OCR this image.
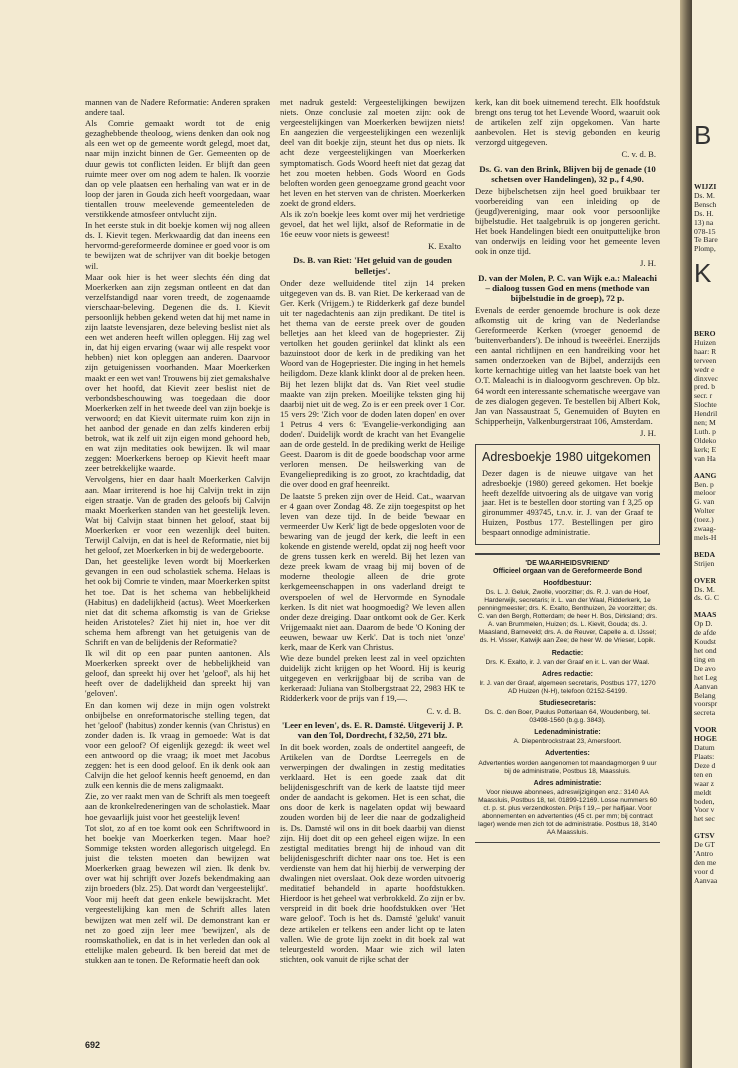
mannen van de Nadere Reformatie: Anderen spraken andere taal.

Als Comrie gemaakt wordt tot de enig gezaghebbende theoloog, wiens denken dan ook nog als een wet op de gemeente wordt gelegd, moet dat, naar mijn inzicht binnen de Ger. Gemeenten op de duur gewis tot conflicten leiden. Er blijft dan geen ruimte meer over om nog adem te halen. Ik voorzie dan op vele plaatsen een herhaling van wat er in de loop der jaren in Gouda zich heeft voorgedaan, waar tientallen trouw meelevende gemeenteleden de verstikkende atmosfeer ontvlucht zijn.

In het eerste stuk in dit boekje komen wij nog alleen ds. I. Kievit tegen. Merkwaardig dat dan ineens een hervormd-gereformeerde dominee er goed voor is om te bewijzen wat de schrijver van dit boekje betogen wil.

Maar ook hier is het weer slechts één ding dat Moerkerken aan zijn zegsman ontleent en dat dan verzelfstandigd naar voren treedt, de zogenaamde vierschaar-beleving. Degenen die ds. I. Kievit persoonlijk hebben gekend weten dat hij met name in zijn laatste levensjaren, deze beleving beslist niet als een wet anderen heeft willen opleggen. Hij zag wel in, dat hij eigen ervaring (waar wij alle respekt voor hebben) niet kon opleggen aan anderen. Daarvoor zijn getuigenissen voorhanden. Maar Moerkerken maakt er een wet van! Trouwens bij ziet gemakshalve over het hoofd, dat Kievit zeer beslist niet de verbondsbeschouwing was toegedaan die door Moerkerken zelf in het tweede deel van zijn boekje is verwoord; en dat Kievit uitermate ruim kon zijn in het aanbod der genade en dan zelfs kinderen erbij betrok, wat ik zelf uit zijn eigen mond gehoord heb, en wat zijn meditaties ook bewijzen. Ik wil maar zeggen: Moerkerkens beroep op Kievit heeft maar zeer betrekkelijke waarde.

Vervolgens, hier en daar haalt Moerkerken Calvijn aan. Maar irriterend is hoe hij Calvijn trekt in zijn eigen straatje. Van de graden des geloofs bij Calvijn maakt Moerkerken standen van het geestelijk leven. Wat bij Calvijn staat binnen het geloof, staat bij Moerkerken er voor een wezenlijk deel buiten. Terwijl Calvijn, en dat is heel de Reformatie, niet bij het geloof, zet Moerkerken in bij de wedergeboorte.

Dan, het geestelijke leven wordt bij Moerkerken gevangen in een oud scholastiek schema. Helaas is het ook bij Comrie te vinden, maar Moerkerken spitst het toe. Dat is het schema van hebbelijkheid (Habitus) en dadelijkheid (actus). Weet Moerkerken niet dat dit schema afkomstig is van de Griekse heiden Aristoteles? Ziet hij niet in, hoe ver dit schema hem afbrengt van het getuigenis van de Schrift en van de belijdenis der Reformatie?

Ik wil dit op een paar punten aantonen. Als Moerkerken spreekt over de hebbelijkheid van geloof, dan spreekt hij over het 'geloof', als hij het heeft over de dadelijkheid dan spreekt hij van 'geloven'.

En dan komen wij deze in mijn ogen volstrekt onbijbelse en onreformatorische stelling tegen, dat het 'geloof' (habitus) zonder kennis (van Christus) en zonder daden is. Ik vraag in gemoede: Wat is dat voor een geloof? Of eigenlijk gezegd: ik weet wel een antwoord op die vraag; ik moet met Jacobus zeggen: het is een dood geloof. En ik denk ook aan Calvijn die het geloof kennis heeft genoemd, en dan zulk een kennis die de mens zaligmaakt.

Zie, zo ver raakt men van de Schrift als men toegeeft aan de kronkelredeneringen van de scholastiek. Maar hoe gevaarlijk juist voor het geestelijk leven!

Tot slot, zo af en toe komt ook een Schriftwoord in het boekje van Moerkerken tegen. Maar hoe? Sommige teksten worden allegorisch uitgelegd. En juist die teksten moeten dan bewijzen wat Moerkerken graag bewezen wil zien. Ik denk bv. over wat hij schrijft over Jozefs bekendmaking aan zijn broeders (blz. 25). Dat wordt dan 'vergeestelijkt'.

Voor mij heeft dat geen enkele bewijskracht. Met vergeestelijking kan men de Schrift alles laten bewijzen wat men zelf wil. De demonstrant kan er net zo goed zijn leer mee 'bewijzen', als de roomskatholiek, en dat is in het verleden dan ook al ettelijke malen gebeurd. Ik ben bereid dat met de stukken aan te tonen. De Reformatie heeft dan ook

met nadruk gesteld: Vergeestelijkingen bewijzen niets. Onze conclusie zal moeten zijn: ook de vergeestelijkingen van Moerkerken bewijzen niets! En aangezien die vergeestelijkingen een wezenlijk deel van dit boekje zijn, steunt het dus op niets. Ik acht deze vergeestelijkingen van Moerkerken symptomatisch. Gods Woord heeft niet dat gezag dat het zou moeten hebben. Gods Woord en Gods beloften worden geen genoegzame grond geacht voor het leven en het sterven van de christen. Moerkerken zoekt de grond elders.

Als ik zo'n boekje lees komt over mij het verdrietige gevoel, dat het wel lijkt, alsof de Reformatie in de 16e eeuw voor niets is geweest!

K. Exalto

Ds. B. van Riet: 'Het geluid van de gouden belletjes'.

Onder deze welluidende titel zijn 14 preken uitgegeven van ds. B. van Riet. De kerkeraad van de Ger. Kerk (Vrijgem.) te Ridderkerk gaf deze bundel uit ter nagedachtenis aan zijn predikant. De titel is het thema van de eerste preek over de gouden belletjes aan het kleed van de hogepriester. Zij vertolken het gouden geriinkel dat klinkt als een bazuinstoot door de kerk in de prediking van het Woord van de Hogepriester. Die inging in het hemels heiligdom. Deze klank klinkt door al de preken heen. Bij het lezen blijkt dat ds. Van Riet veel studie maakte van zijn preken. Moeilijke teksten ging hij daarbij niet uit de weg. Zo is er een preek over 1 Cor. 15 vers 29: 'Zich voor de doden laten dopen' en over 1 Petrus 4 vers 6: 'Evangelie-verkondiging aan doden'. Duidelijk wordt de kracht van het Evangelie aan de orde gesteld. In de prediking werkt de Heilige Geest. Daarom is dit de goede boodschap voor arme verloren mensen. De heilswerking van de Evangelieprediking is zo groot, zo krachtdadig, dat die over dood en graf heenreikt.

De laatste 5 preken zijn over de Heid. Cat., waarvan er 4 gaan over Zondag 48. Ze zijn toegespitst op het leven van deze tijd. In de beide 'bewaar en vermeerder Uw Kerk' ligt de bede opgesloten voor de bewaring van de jeugd der kerk, die leeft in een kokende en gistende wereld, opdat zij nog heeft voor de grens tussen kerk en wereld. Bij het lezen van deze preek kwam de vraag bij mij boven of de moderne theologie alleen de drie grote kerkgemeenschappen in ons vaderland dreigt te overspoelen of wel de Hervormde en Synodale kerken. Is dit niet wat hoogmoedig? We leven allen onder deze dreiging. Daar ontkomt ook de Ger. Kerk Vrijgemaakt niet aan. Daarom de bede 'O Koning der eeuwen, bewaar uw Kerk'. Dat is toch niet 'onze' kerk, maar de Kerk van Christus.

Wie deze bundel preken leest zal in veel opzichten duidelijk zicht krijgen op het Woord. Hij is keurig uitgegeven en verkrijgbaar bij de scriba van de kerkeraad: Juliana van Stolbergstraat 22, 2983 HK te Ridderkerk voor de prijs van f 19,—.

C. v. d. B.

'Leer en leven', ds. E. R. Damsté. Uitgeverij J. P. van den Tol, Dordrecht, f 32,50, 271 blz.

In dit boek worden, zoals de ondertitel aangeeft, de Artikelen van de Dordtse Leerregels en de verwerpingen der dwalingen in zestig meditaties verklaard. Het is een goede zaak dat dit belijdenisgeschrift van de kerk de laatste tijd meer onder de aandacht is gekomen. Het is een schat, die ons door de kerk is nagelaten opdat wij bewaard zouden worden bij de leer die naar de godzaligheid is. Ds. Damsté wil ons in dit boek daarbij van dienst zijn. Hij doet dit op een geheel eigen wijze. In een zestigtal meditaties brengt hij de inhoud van dit belijdenisgeschrift dichter naar ons toe. Het is een verdienste van hem dat hij hierbij de verwerping der dwalingen niet overslaat. Ook deze worden uitvoerig meditatief behandeld in aparte hoofdstukken. Hierdoor is het geheel wat verbrokkeld. Zo zijn er bv. verspreid in dit boek drie hoofdstukken over 'Het ware geloof'. Toch is het ds. Damsté 'gelukt' vanuit deze artikelen er telkens een ander licht op te laten vallen. Wie de grote lijn zoekt in dit boek zal wat teleurgesteld worden. Maar wie zich wil laten stichten, ook vanuit de rijke schat der

kerk, kan dit boek uitnemend terecht. Elk hoofdstuk brengt ons terug tot het Levende Woord, waaruit ook de artikelen zelf zijn opgekomen. Van harte aanbevolen. Het is stevig gebonden en keurig verzorgd uitgegeven.

C. v. d. B.

Ds. G. van den Brink, Blijven bij de genade (10 schetsen over Handelingen), 32 p., f 4,90.

Deze bijbelschetsen zijn heel goed bruikbaar ter voorbereiding van een inleiding op de (jeugd)vereniging, maar ook voor persoonlijke bijbelstudie. Het taalgebruik is op jongeren gericht. Het boek Handelingen biedt een onuitputtelijke bron van onderwijs en leiding voor het gemeente leven ook in onze tijd.

J. H.

D. van der Molen, P. C. van Wijk e.a.: Maleachi – dialoog tussen God en mens (methode van bijbelstudie in de groep), 72 p.

Evenals de eerder genoemde brochure is ook deze afkomstig uit de kring van de Nederlandse Gereformeerde Kerken (vroeger genoemd de 'buitenverbanders'). De inhoud is tweeërlei. Enerzijds een aantal richtlijnen en een handreiking voor het samen onderzoeken van de Bijbel, anderzijds een korte kernachtige uitleg van het laatste boek van het O.T. Maleachi is in dialoogvorm geschreven. Op blz. 64 wordt een interessante schematische weergave van de zes dialogen gegeven. Te bestellen bij Albert Kok, Jan van Nassaustraat 5, Genemuiden of Buyten en Schipperheijn, Valkenburgerstraat 106, Amsterdam.

J. H.

Adresboekje 1980 uitgekomen

Dezer dagen is de nieuwe uitgave van het adresboekje (1980) gereed gekomen. Het boekje heeft dezelfde uitvoering als de uitgave van vorig jaar. Het is te bestellen door storting van f 3,25 op gironummer 493745, t.n.v. ir. J. van der Graaf te Huizen, Postbus 177. Bestellingen per giro bespaart onnodige administratie.

'DE WAARHEIDSVRIEND'
Officieel orgaan van de Gereformeerde Bond
Hoofdbestuur:
Ds. L. J. Geluk, Zwolle, voorzitter; ds. R. J. van de Hoef, Harderwijk, secretaris; ir. L. van der Waal, Ridderkerk, 1e penningmeester; drs. K. Exalto, Benthuizen, 2e voorzitter; ds. C. van den Bergh, Rotterdam; de heer H. Bos, Dirksland; drs. A. van Brummelen, Huizen; ds. L. Kievit, Gouda; ds. J. Maasland, Barneveld; drs. A. de Reuver, Capelle a. d. IJssel; ds. H. Visser, Katwijk aan Zee; de heer W. de Vrieser, Lopik.
Redactie:
Drs. K. Exalto, ir. J. van der Graaf en ir. L. van der Waal.
Adres redactie:
Ir. J. van der Graaf, algemeen secretaris, Postbus 177, 1270 AD Huizen (N-H), telefoon 02152-54199.
Studiesecretaris:
Ds. C. den Boer, Paulus Potterlaan 64, Woudenberg, tel. 03498-1560 (b.g.g. 3843).
Ledenadministratie:
A. Diepenbrockstraat 23, Amersfoort.
Advertenties:
Advertenties worden aangenomen tot maandagmorgen 9 uur bij de administratie, Postbus 18, Maassluis.
Adres administratie:
Voor nieuwe abonnees, adreswijzigingen enz.: 3140 AA Maassluis, Postbus 18, tel. 01899-12169. Losse nummers 60 ct. p. st. plus verzendkosten. Prijs f 19,– per halfjaar. Voor abonnementen en advertenties (45 ct. per mm; bij contract lager) wende men zich tot de administratie. Postbus 18, 3140 AA Maassluis.
692
B
WIJZI
Ds. M.
Bensch
Ds. H.
13) na
078-15
Te Bare
Plomp,
K
BERO
Huizen
haar: R
terveen
wedr e
dinxvec
pred. b
secr. r
Slochte
Hendril
nen; M
Luth. p
Oldeko
kerk; E
van Ha
AANG
Ben. p
meloor
G. van
Wolter
(toez.)
zwaag-
mels-H
BEDA
Strijen
OVER
Ds. M.
ds. G. C
MAAS
Op D.
de afde
Koudst
het ond
ting en
De avo
het Leg
Aanvan
Belang
voorspr
secreta
VOOR
HOGE
Datum
Plaats:
Deze d
ten en
waar z
meldt
boden,
Voor v
het sec
GTSV
De GT
'Antro
den me
voor d
Aanvaa
